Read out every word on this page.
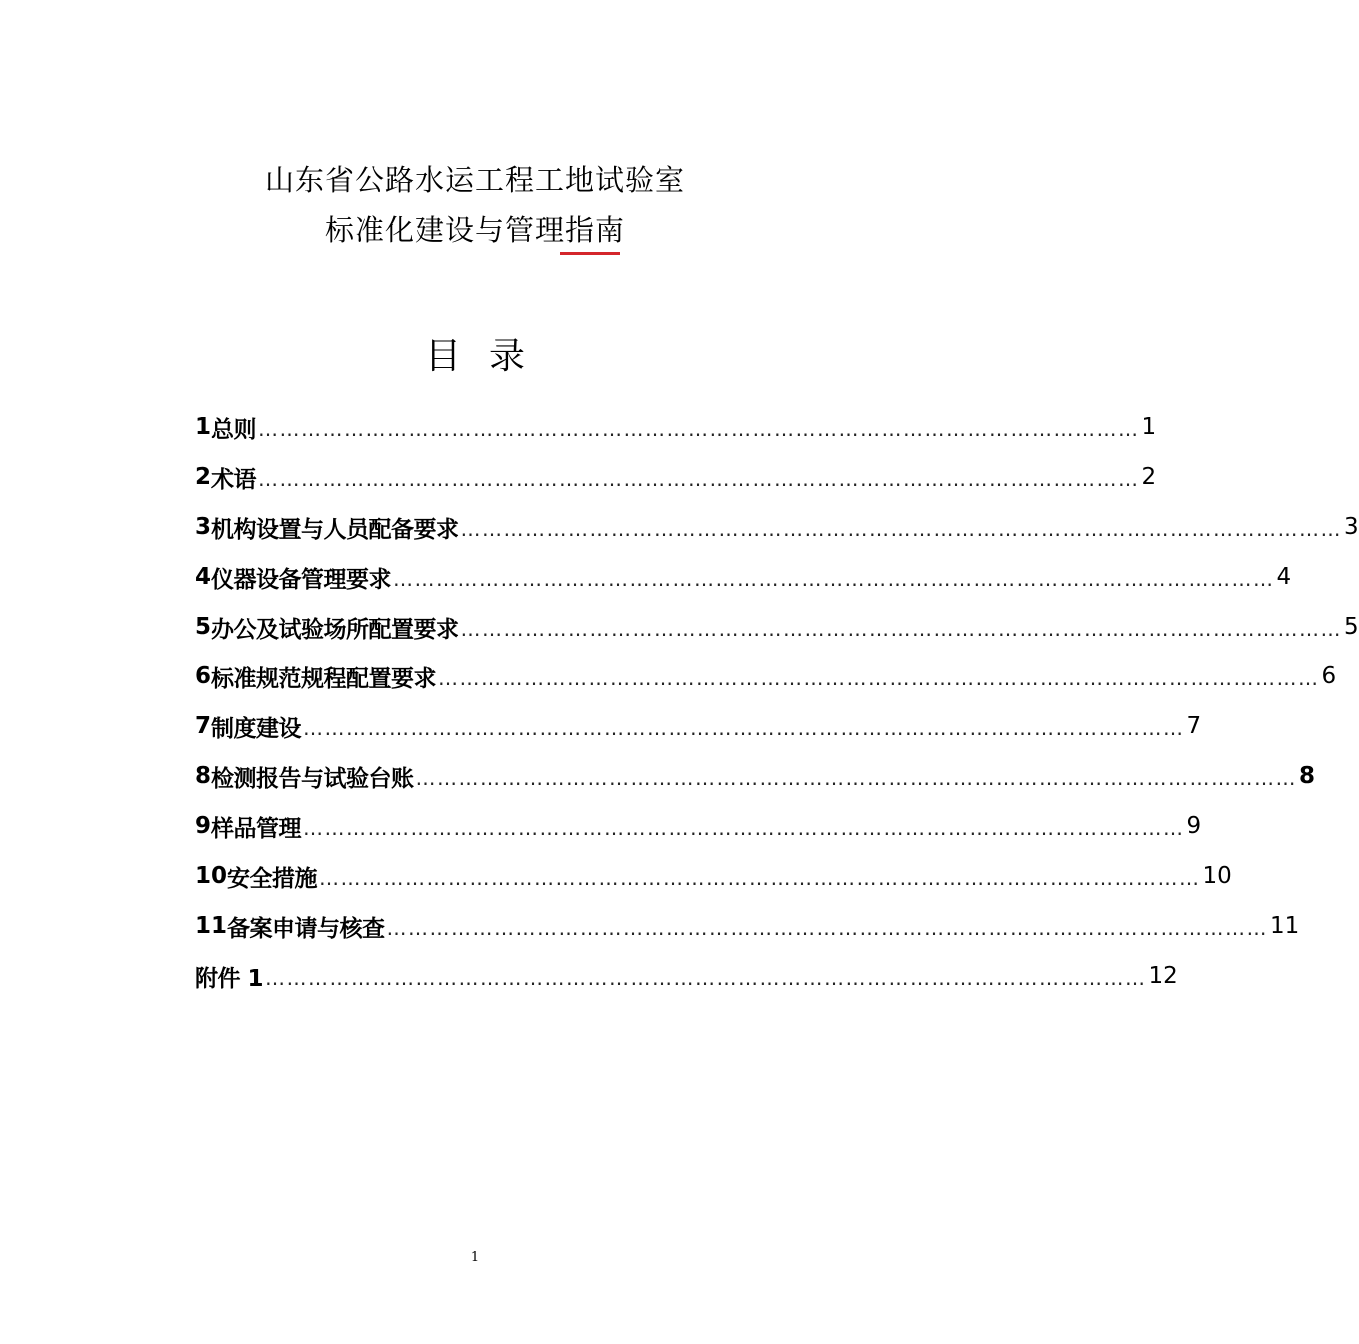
山东省公路水运工程工地试验室
标准化建设与管理指南
目录
1 总则 …………………………………………………………………………………………………………… 1
2 术语 …………………………………………………………………………………………………………… 2
3 机构设置与人员配备要求 …………………………………………………………………………………………………………… 3
4 仪器设备管理要求 …………………………………………………………………………………………………………… 4
5 办公及试验场所配置要求 …………………………………………………………………………………………………………… 5
6 标准规范规程配置要求 …………………………………………………………………………………………………………… 6
7 制度建设 …………………………………………………………………………………………………………… 7
8 检测报告与试验台账 …………………………………………………………………………………………………………… 8
9 样品管理 …………………………………………………………………………………………………………… 9
10 安全措施 …………………………………………………………………………………………………………… 10
11 备案申请与核查 …………………………………………………………………………………………………………… 11
附件 1 …………………………………………………………………………………………………………… 12
1
